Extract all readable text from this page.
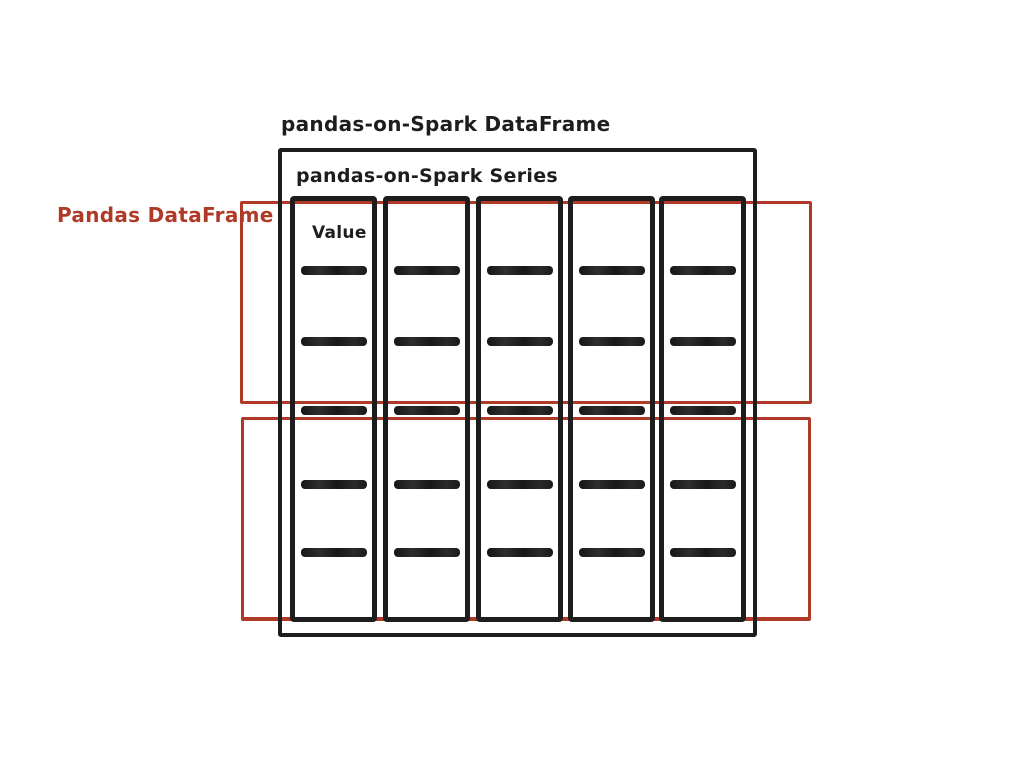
pandas-on-Spark DataFrame
Pandas DataFrame
pandas-on-Spark Series
Value
